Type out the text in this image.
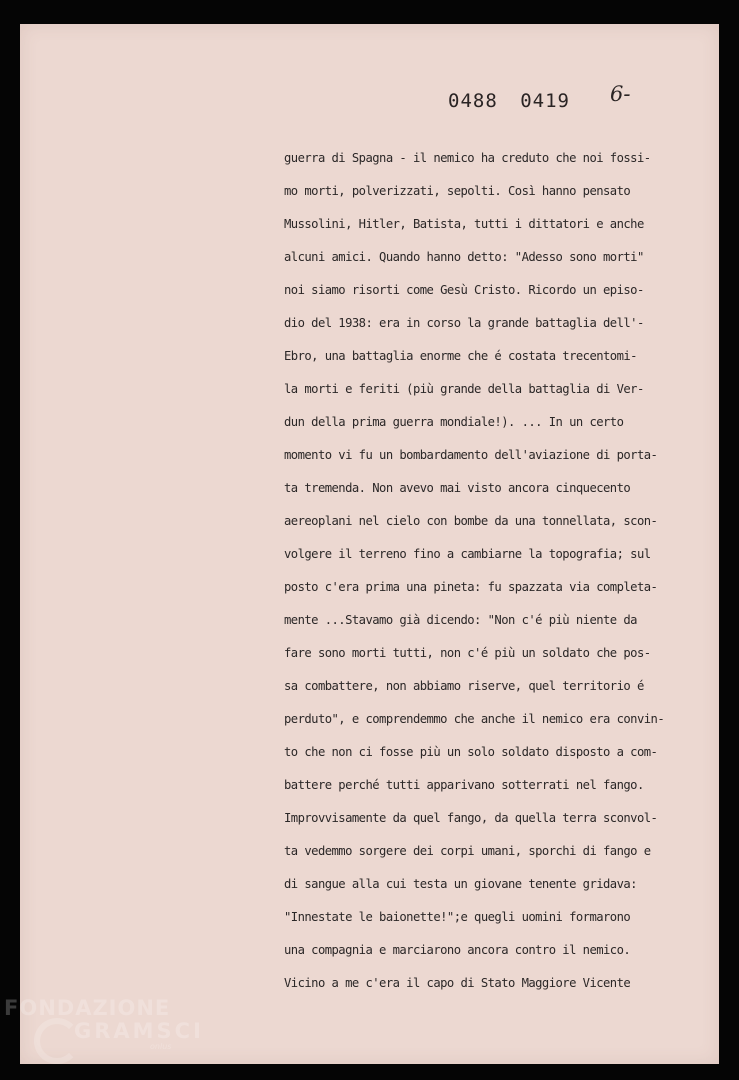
0488 0419 6-
guerra di Spagna - il nemico ha creduto che noi fossi-
mo morti, polverizzati, sepolti. Così hanno pensato
Mussolini, Hitler, Batista, tutti i dittatori e anche
alcuni amici. Quando hanno detto: "Adesso sono morti"
noi siamo risorti come Gesù Cristo. Ricordo un episo-
dio del 1938: era in corso la grande battaglia dell'-
Ebro, una battaglia enorme che é costata trecentomi-
la morti e feriti (più grande della battaglia di Ver-
dun della prima guerra mondiale!). ... In un certo
momento vi fu un bombardamento dell'aviazione di porta-
ta tremenda. Non avevo mai visto ancora cinquecento
aereoplani nel cielo con bombe da una tonnellata, scon-
volgere il terreno fino a cambiarne la topografia; sul
posto c'era prima una pineta: fu spazzata via completa-
mente ...Stavamo già dicendo: "Non c'é più niente da
fare sono morti tutti, non c'é più un soldato che pos-
sa combattere, non abbiamo riserve, quel territorio é
perduto", e comprendemmo che anche il nemico era convin-
to che non ci fosse più un solo soldato disposto a com-
battere perché tutti apparivano sotterrati nel fango.
Improvvisamente da quel fango, da quella terra sconvol-
ta vedemmo sorgere dei corpi umani, sporchi di fango e
di sangue alla cui testa un giovane tenente gridava:
"Innestate le baionette!";e quegli uomini formarono
una compagnia e marciarono ancora contro il nemico.
Vicino a me c'era il capo di Stato Maggiore Vicente
FONDAZIONE
GRAMSCI
onlus
